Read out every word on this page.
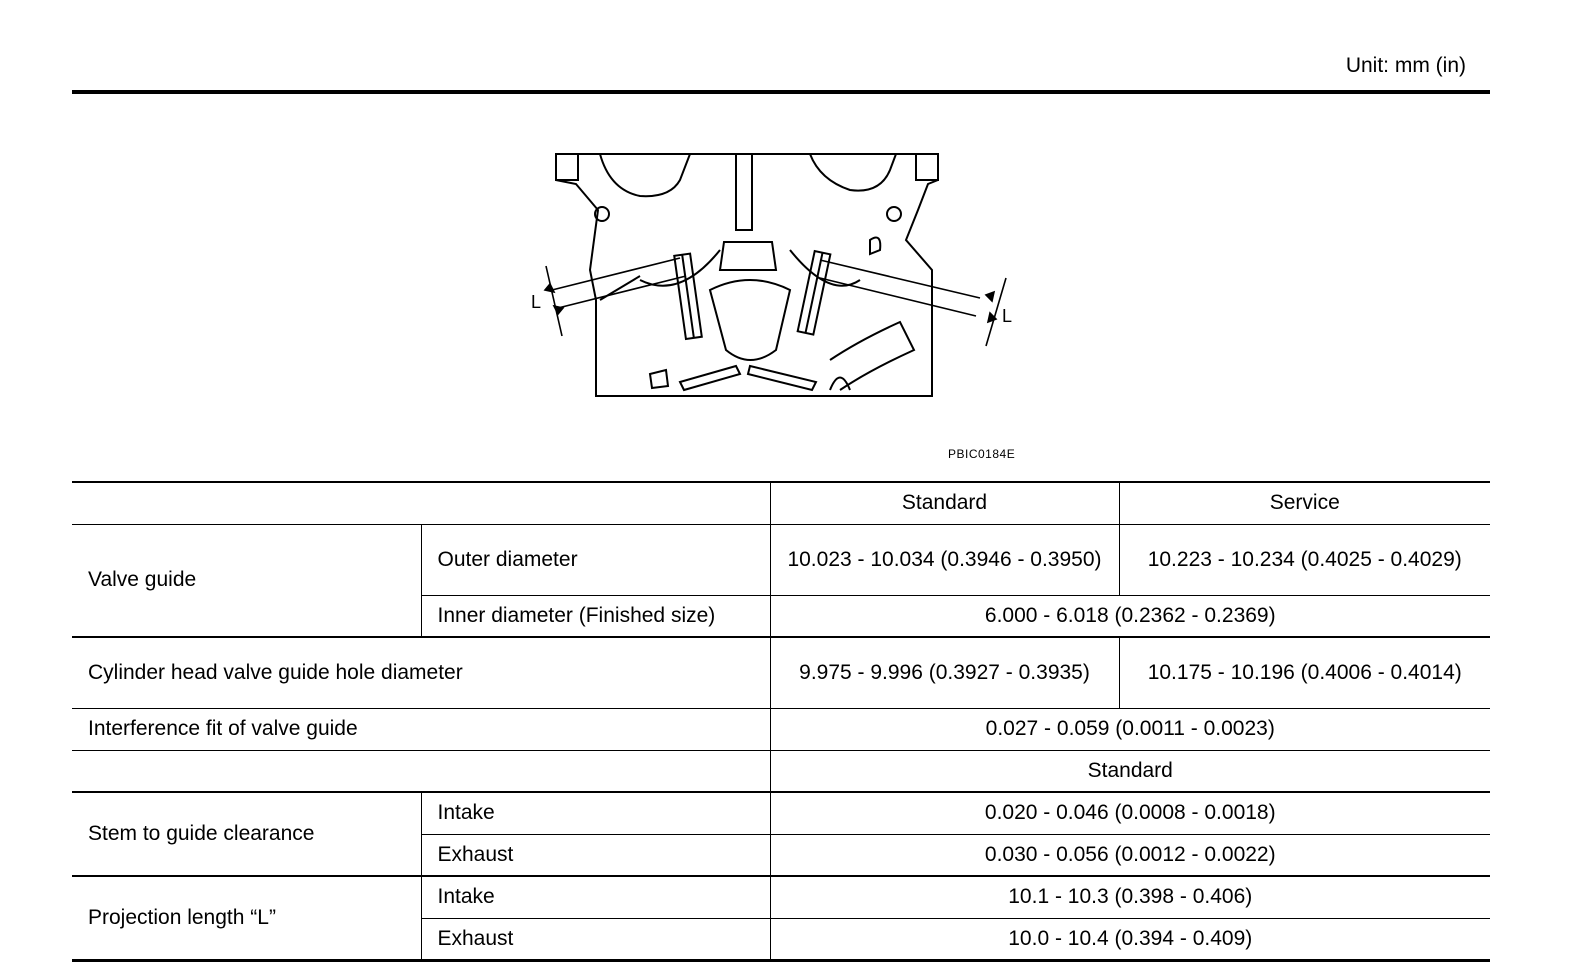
Unit: mm (in)
L
L
PBIC0184E
		Standard	Service
Valve guide	Outer diameter	10.023 - 10.034 (0.3946 - 0.3950)	10.223 - 10.234 (0.4025 - 0.4029)
	Inner diameter (Finished size)	6.000 - 6.018 (0.2362 - 0.2369)	
Cylinder head valve guide hole diameter		9.975 - 9.996 (0.3927 - 0.3935)	10.175 - 10.196 (0.4006 - 0.4014)
Interference fit of valve guide		0.027 - 0.059 (0.0011 - 0.0023)	
		Standard	
Stem to guide clearance	Intake	0.020 - 0.046 (0.0008 - 0.0018)	
	Exhaust	0.030 - 0.056 (0.0012 - 0.0022)	
Projection length “L”	Intake	10.1 - 10.3 (0.398 - 0.406)	
	Exhaust	10.0 - 10.4 (0.394 - 0.409)	
